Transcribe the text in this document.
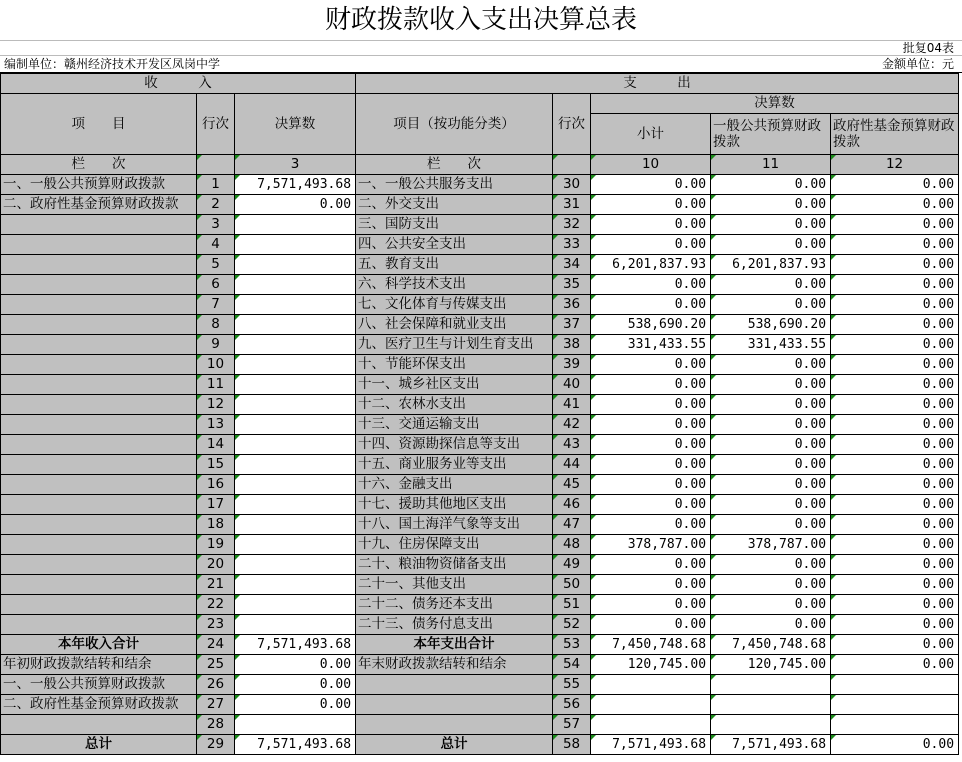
财政拨款收入支出决算总表
批复04表
编制单位：赣州经济技术开发区凤岗中学	金额单位：元
收　　　入			支　　　出				
项　　目	行次	决算数	项目（按功能分类）	行次	决算数		
					小计	一般公共预算财政拨款	政府性基金预算财政拨款
栏　　次		3	栏　　次		10	11	12
一、一般公共预算财政拨款	1	7,571,493.68	一、一般公共服务支出	30	0.00	0.00	0.00
二、政府性基金预算财政拨款	2	0.00	二、外交支出	31	0.00	0.00	0.00
	3		三、国防支出	32	0.00	0.00	0.00
	4		四、公共安全支出	33	0.00	0.00	0.00
	5		五、教育支出	34	6,201,837.93	6,201,837.93	0.00
	6		六、科学技术支出	35	0.00	0.00	0.00
	7		七、文化体育与传媒支出	36	0.00	0.00	0.00
	8		八、社会保障和就业支出	37	538,690.20	538,690.20	0.00
	9		九、医疗卫生与计划生育支出	38	331,433.55	331,433.55	0.00
	10		十、节能环保支出	39	0.00	0.00	0.00
	11		十一、城乡社区支出	40	0.00	0.00	0.00
	12		十二、农林水支出	41	0.00	0.00	0.00
	13		十三、交通运输支出	42	0.00	0.00	0.00
	14		十四、资源勘探信息等支出	43	0.00	0.00	0.00
	15		十五、商业服务业等支出	44	0.00	0.00	0.00
	16		十六、金融支出	45	0.00	0.00	0.00
	17		十七、援助其他地区支出	46	0.00	0.00	0.00
	18		十八、国土海洋气象等支出	47	0.00	0.00	0.00
	19		十九、住房保障支出	48	378,787.00	378,787.00	0.00
	20		二十、粮油物资储备支出	49	0.00	0.00	0.00
	21		二十一、其他支出	50	0.00	0.00	0.00
	22		二十二、债务还本支出	51	0.00	0.00	0.00
	23		二十三、债务付息支出	52	0.00	0.00	0.00
本年收入合计	24	7,571,493.68	本年支出合计	53	7,450,748.68	7,450,748.68	0.00
年初财政拨款结转和结余	25	0.00	年末财政拨款结转和结余	54	120,745.00	120,745.00	0.00
一、一般公共预算财政拨款	26	0.00		55			
二、政府性基金预算财政拨款	27	0.00		56			
	28			57			
总计	29	7,571,493.68	总计	58	7,571,493.68	7,571,493.68	0.00
